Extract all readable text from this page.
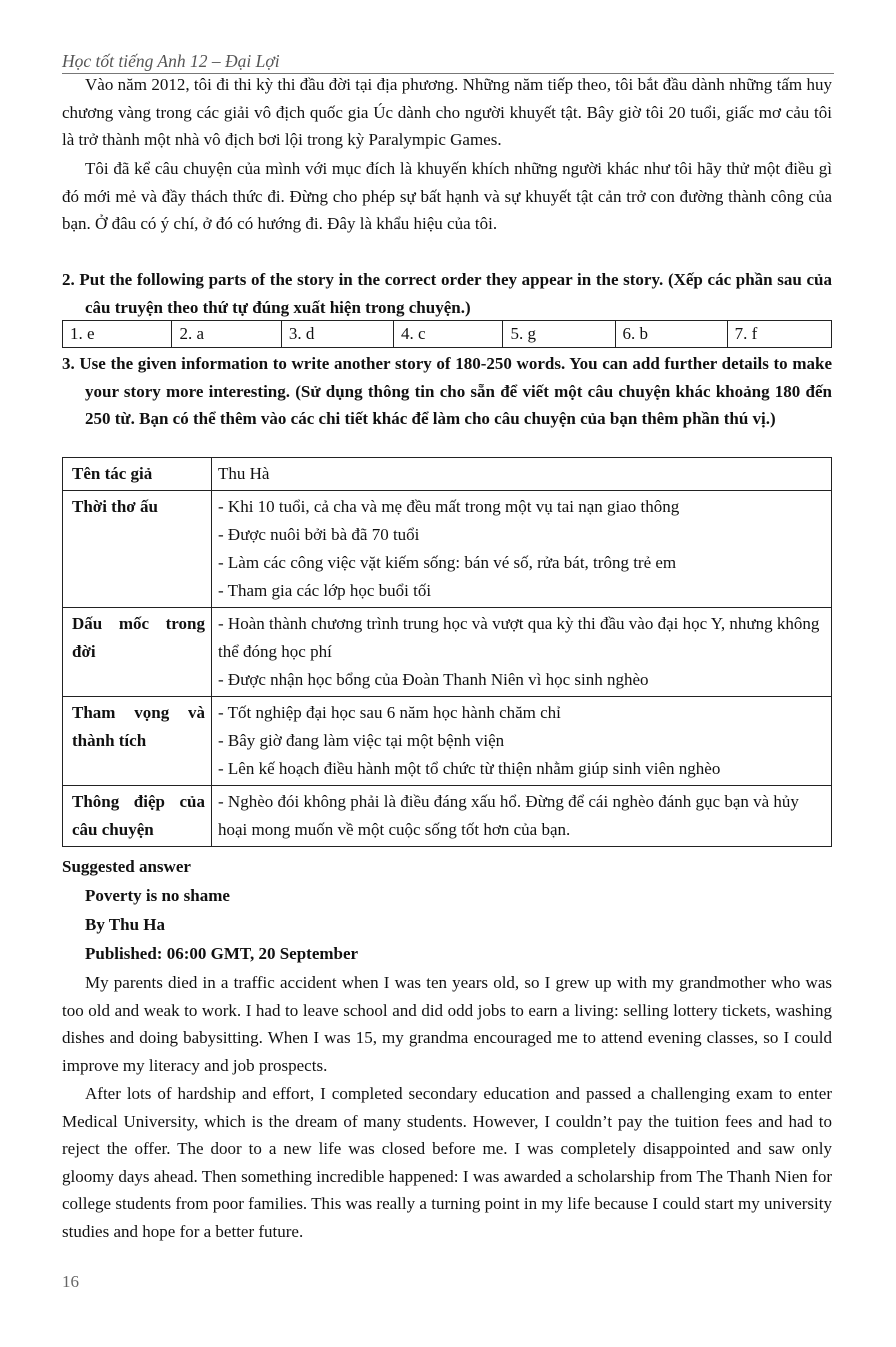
Học tốt tiếng Anh 12 – Đại Lợi
Vào năm 2012, tôi đi thi kỳ thi đầu đời tại địa phương. Những năm tiếp theo, tôi bắt đầu dành những tấm huy chương vàng trong các giải vô địch quốc gia Úc dành cho người khuyết tật. Bây giờ tôi 20 tuổi, giấc mơ cảu tôi là trở thành một nhà vô địch bơi lội trong kỳ Paralympic Games.
Tôi đã kể câu chuyện của mình với mục đích là khuyến khích những người khác như tôi hãy thử một điều gì đó mới mẻ và đầy thách thức đi. Đừng cho phép sự bất hạnh và sự khuyết tật cản trở con đường thành công của bạn. Ở đâu có ý chí, ở đó có hướng đi. Đây là khẩu hiệu của tôi.
2. Put the following parts of the story in the correct order they appear in the story. (Xếp các phần sau của câu truyện theo thứ tự đúng xuất hiện trong chuyện.)
1. e	2. a	3. d	4. c	5. g	6. b	7. f
3. Use the given information to write another story of 180-250 words. You can add further details to make your story more interesting. (Sử dụng thông tin cho sẵn để viết một câu chuyện khác khoảng 180 đến 250 từ. Bạn có thể thêm vào các chi tiết khác để làm cho câu chuyện của bạn thêm phần thú vị.)
Tên tác giả	Thu Hà
Thời thơ ấu	- Khi 10 tuổi, cả cha và mẹ đều mất trong một vụ tai nạn giao thông
- Được nuôi bởi bà đã 70 tuổi
- Làm các công việc vặt kiếm sống: bán vé số, rửa bát, trông trẻ em
- Tham gia các lớp học buổi tối

Dấu mốc trong đời	- Hoàn thành chương trình trung học và vượt qua kỳ thi đầu vào đại học Y, nhưng không thể đóng học phí
- Được nhận học bổng của Đoàn Thanh Niên vì học sinh nghèo

Tham vọng và thành tích	- Tốt nghiệp đại học sau 6 năm học hành chăm chỉ
- Bây giờ đang làm việc tại một bệnh viện
- Lên kế hoạch điều hành một tổ chức từ thiện nhằm giúp sinh viên nghèo

Thông điệp của câu chuyện	- Nghèo đói không phải là điều đáng xấu hổ. Đừng để cái nghèo đánh gục bạn và hủy hoại mong muốn về một cuộc sống tốt hơn của bạn.
Suggested answer
Poverty is no shame
By Thu Ha
Published: 06:00 GMT, 20 September
My parents died in a traffic accident when I was ten years old, so I grew up with my grandmother who was too old and weak to work. I had to leave school and did odd jobs to earn a living: selling lottery tickets, washing dishes and doing babysitting. When I was 15, my grandma encouraged me to attend evening classes, so I could improve my literacy and job prospects.
After lots of hardship and effort, I completed secondary education and passed a challenging exam to enter Medical University, which is the dream of many students. However, I couldn’t pay the tuition fees and had to reject the offer. The door to a new life was closed before me. I was completely disappointed and saw only gloomy days ahead. Then something incredible happened: I was awarded a scholarship from The Thanh Nien for college students from poor families. This was really a turning point in my life because I could start my university studies and hope for a better future.
16
